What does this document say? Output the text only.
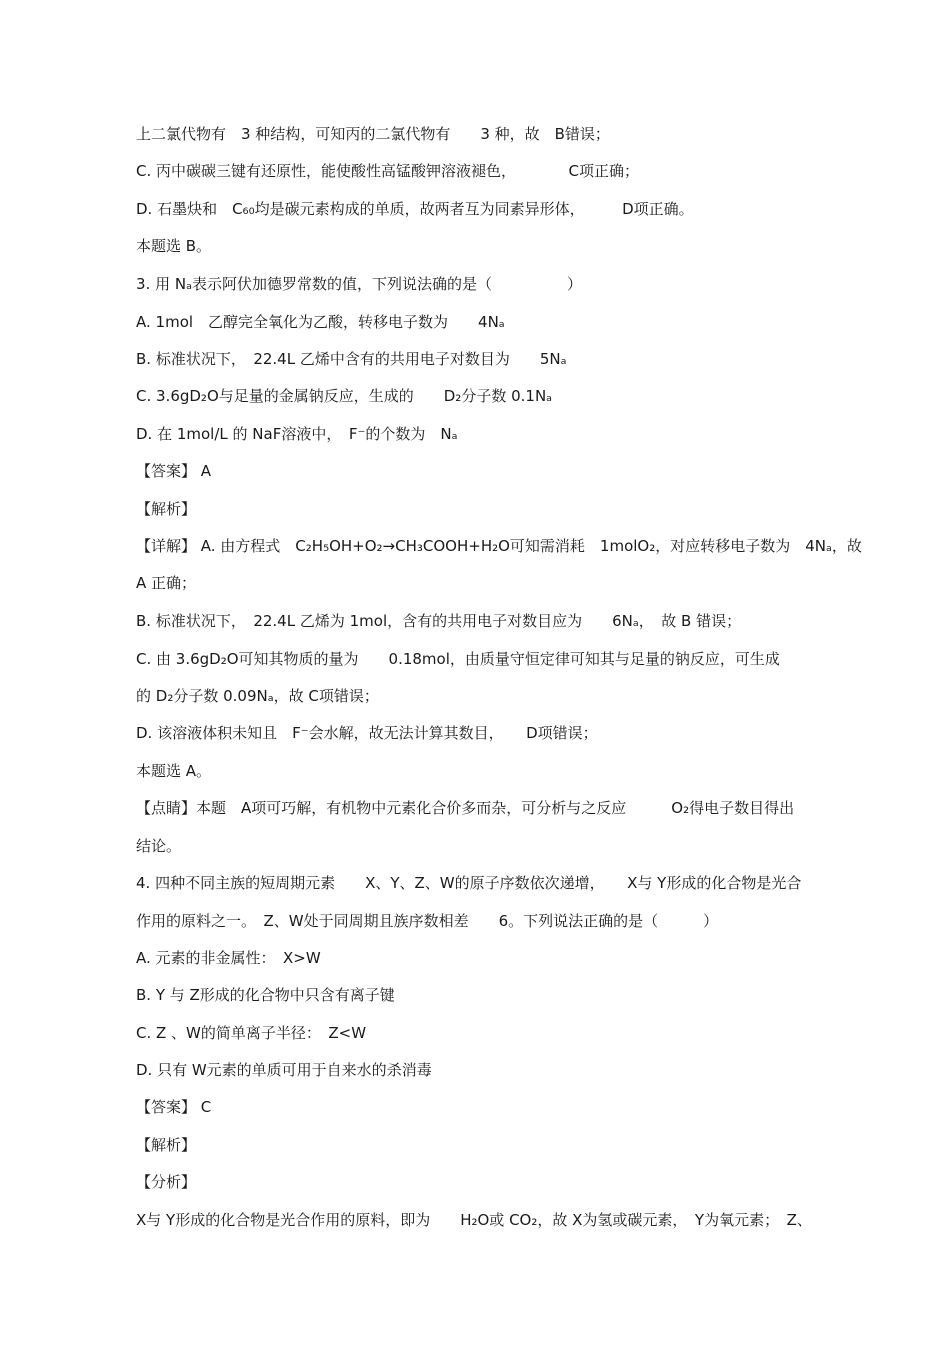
上二氯代物有　3 种结构，可知丙的二氯代物有　　3 种，故　B错误；
C. 丙中碳碳三键有还原性，能使酸性高锰酸钾溶液褪色，　　　　C项正确；
D. 石墨炔和　C₆₀均是碳元素构成的单质，故两者互为同素异形体，　　　D项正确。
本题选 B。
3. 用 Nₐ表示阿伏加德罗常数的值，下列说法确的是（　　　　　）
A. 1mol　乙醇完全氧化为乙酸，转移电子数为　　4Nₐ
B. 标准状况下，　22.4L 乙烯中含有的共用电子对数目为　　5Nₐ
C. 3.6gD₂O与足量的金属钠反应，生成的　　D₂分子数 0.1Nₐ
D. 在 1mol/L 的 NaF溶液中，　F⁻的个数为　Nₐ
【答案】 A
【解析】
【详解】 A. 由方程式　C₂H₅OH+O₂→CH₃COOH+H₂O可知需消耗　1molO₂，对应转移电子数为　4Nₐ，故
A 正确；
B. 标准状况下，　22.4L 乙烯为 1mol，含有的共用电子对数目应为　　6Nₐ，　故 B 错误；
C. 由 3.6gD₂O可知其物质的量为　　0.18mol，由质量守恒定律可知其与足量的钠反应，可生成
的 D₂分子数 0.09Nₐ，故 C项错误；
D. 该溶液体积未知且　F⁻会水解，故无法计算其数目，　　D项错误；
本题选 A。
【点睛】本题　A项可巧解，有机物中元素化合价多而杂，可分析与之反应　　　O₂得电子数目得出
结论。
4. 四种不同主族的短周期元素　　X、Y、Z、W的原子序数依次递增，　　X与 Y形成的化合物是光合
作用的原料之一。　Z、W处于同周期且族序数相差　　6。下列说法正确的是（　　　）
A. 元素的非金属性：　X>W
B. Y 与 Z形成的化合物中只含有离子键
C. Z 、W的简单离子半径：　Z<W
D. 只有 W元素的单质可用于自来水的杀消毒
【答案】 C
【解析】
【分析】
X与 Y形成的化合物是光合作用的原料，即为　　H₂O或 CO₂，故 X为氢或碳元素，　Y为氧元素；　Z、
